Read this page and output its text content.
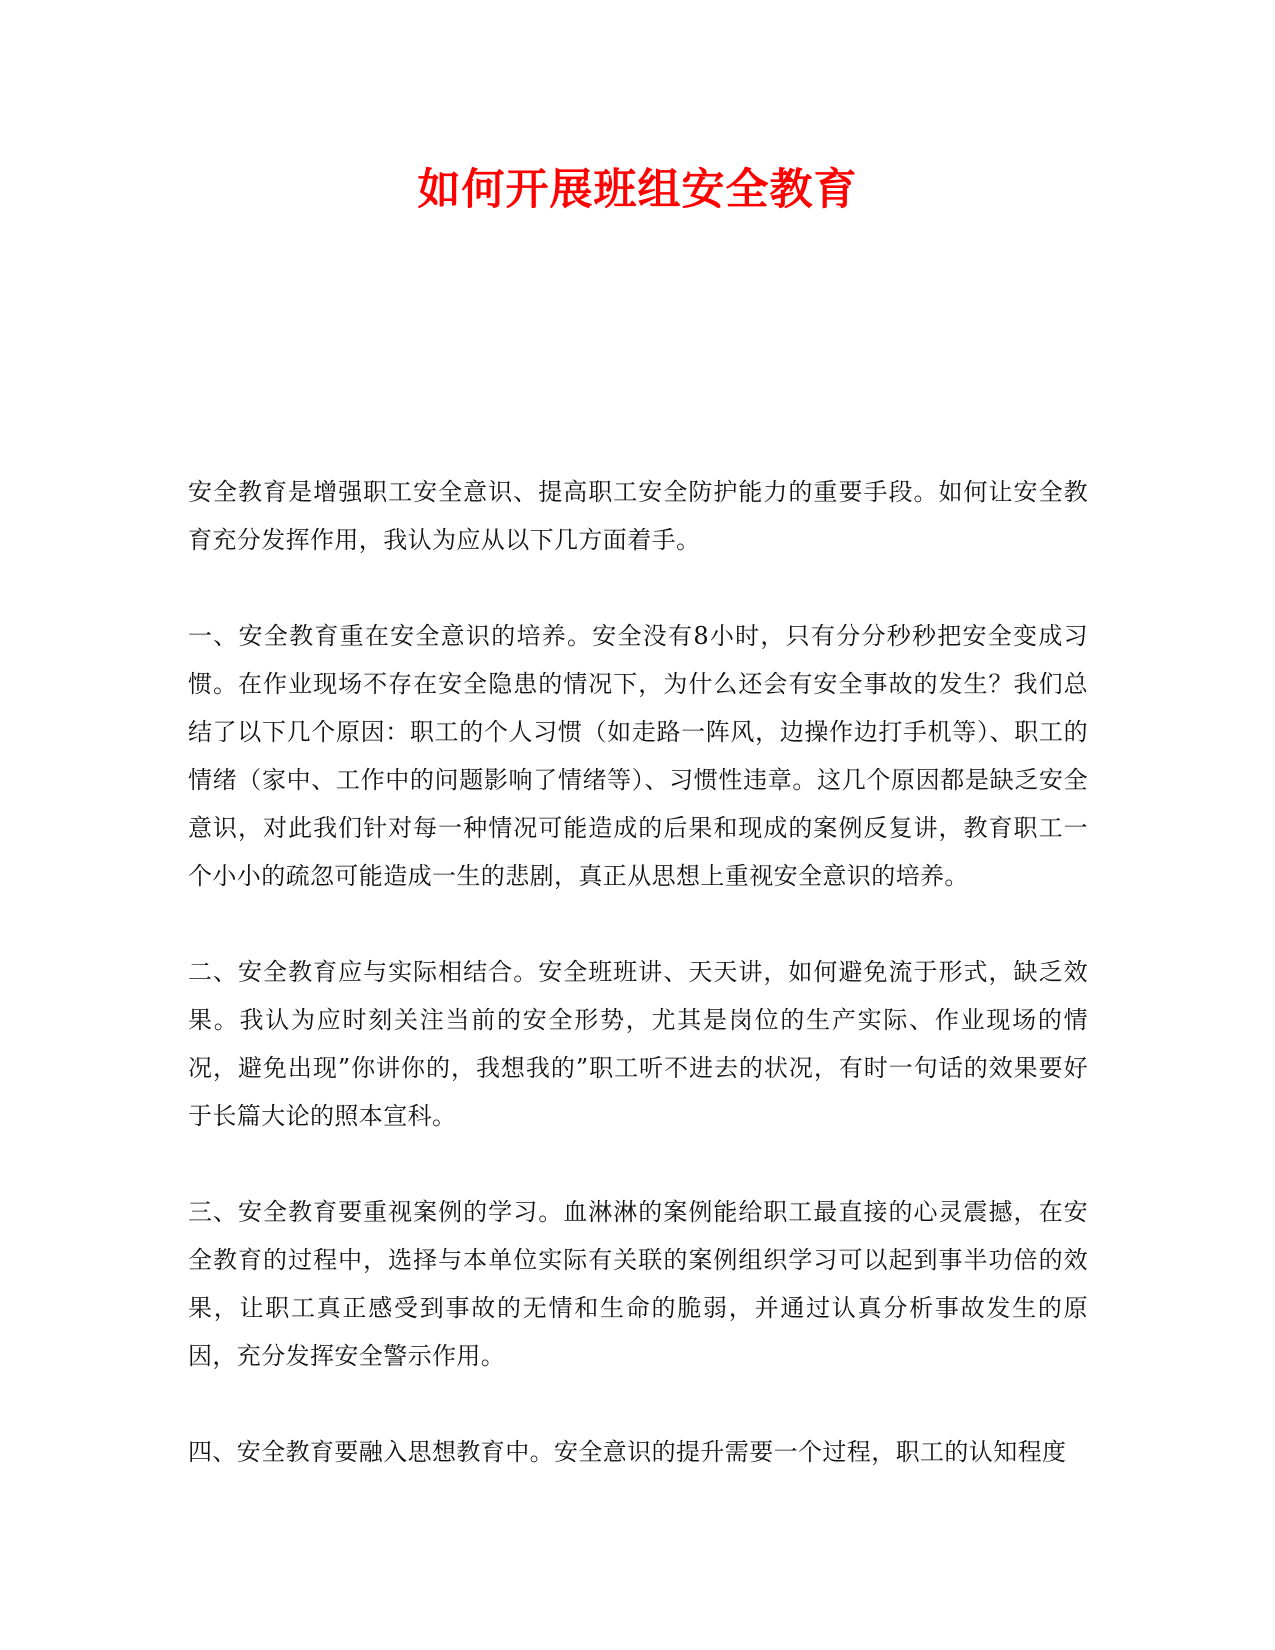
如何开展班组安全教育

安全教育是增强职工安全意识、提高职工安全防护能力的重要手段。如何让安全教育充分发挥作用，我认为应从以下几方面着手。

一、安全教育重在安全意识的培养。安全没有8小时，只有分分秒秒把安全变成习惯。在作业现场不存在安全隐患的情况下，为什么还会有安全事故的发生？我们总结了以下几个原因：职工的个人习惯（如走路一阵风，边操作边打手机等）、职工的情绪（家中、工作中的问题影响了情绪等）、习惯性违章。这几个原因都是缺乏安全意识，对此我们针对每一种情况可能造成的后果和现成的案例反复讲，教育职工一个小小的疏忽可能造成一生的悲剧，真正从思想上重视安全意识的培养。

二、安全教育应与实际相结合。安全班班讲、天天讲，如何避免流于形式，缺乏效果。我认为应时刻关注当前的安全形势，尤其是岗位的生产实际、作业现场的情况，避免出现”你讲你的，我想我的”职工听不进去的状况，有时一句话的效果要好于长篇大论的照本宣科。

三、安全教育要重视案例的学习。血淋淋的案例能给职工最直接的心灵震撼，在安全教育的过程中，选择与本单位实际有关联的案例组织学习可以起到事半功倍的效果，让职工真正感受到事故的无情和生命的脆弱，并通过认真分析事故发生的原因，充分发挥安全警示作用。

四、安全教育要融入思想教育中。安全意识的提升需要一个过程，职工的认知程度
